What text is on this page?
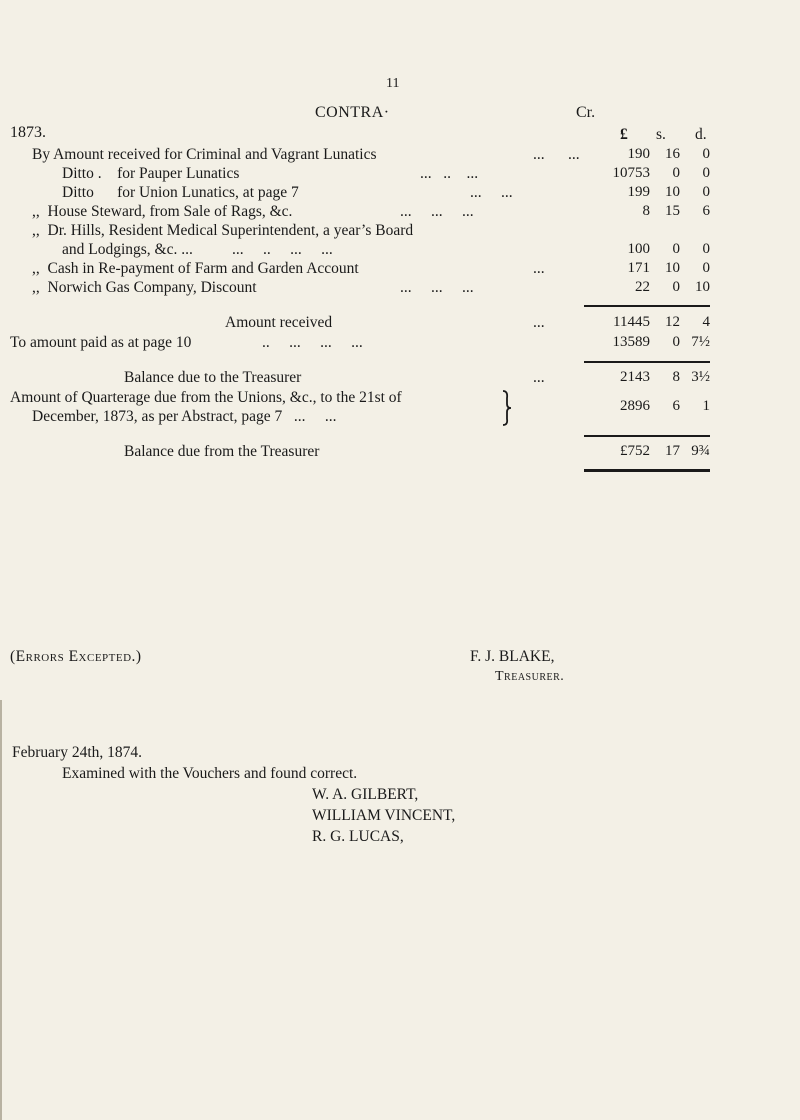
11
CONTRA·	Cr.
1873.	£ s. d.
By Amount received for Criminal and Vagrant Lunatics	... ...	190	16	0
Ditto .    for Pauper Lunatics	...   ..    ...	10753	0	0
Ditto      for Union Lunatics, at page 7	...     ...	199	10	0
,,  House Steward, from Sale of Rags, &c.	...     ...     ...	8	15	6
,,  Dr. Hills, Resident Medical Superintendent, a year’s Board
and Lodgings, &c. ...	...     ..     ...     ...	100	0	0
,,  Cash in Re-payment of Farm and Garden Account	...	171	10	0
,,  Norwich Gas Company, Discount	...     ...     ...	22	0	10
Amount received	...	11445	12	4
To amount paid as at page 10	..     ...     ...     ...	13589	0 7½
Balance due to the Treasurer	...	2143	8 3½
Amount of Quarterage due from the Unions, &c., to the 21st of
December, 1873, as per Abstract, page 7   ...     ...
2896	6	1
Balance due from the Treasurer	£752	17 9¾
(Errors Excepted.)	F. J. BLAKE,
Treasurer.
February 24th, 1874.
Examined with the Vouchers and found correct.
W. A. GILBERT,
WILLIAM VINCENT,
R. G. LUCAS,
